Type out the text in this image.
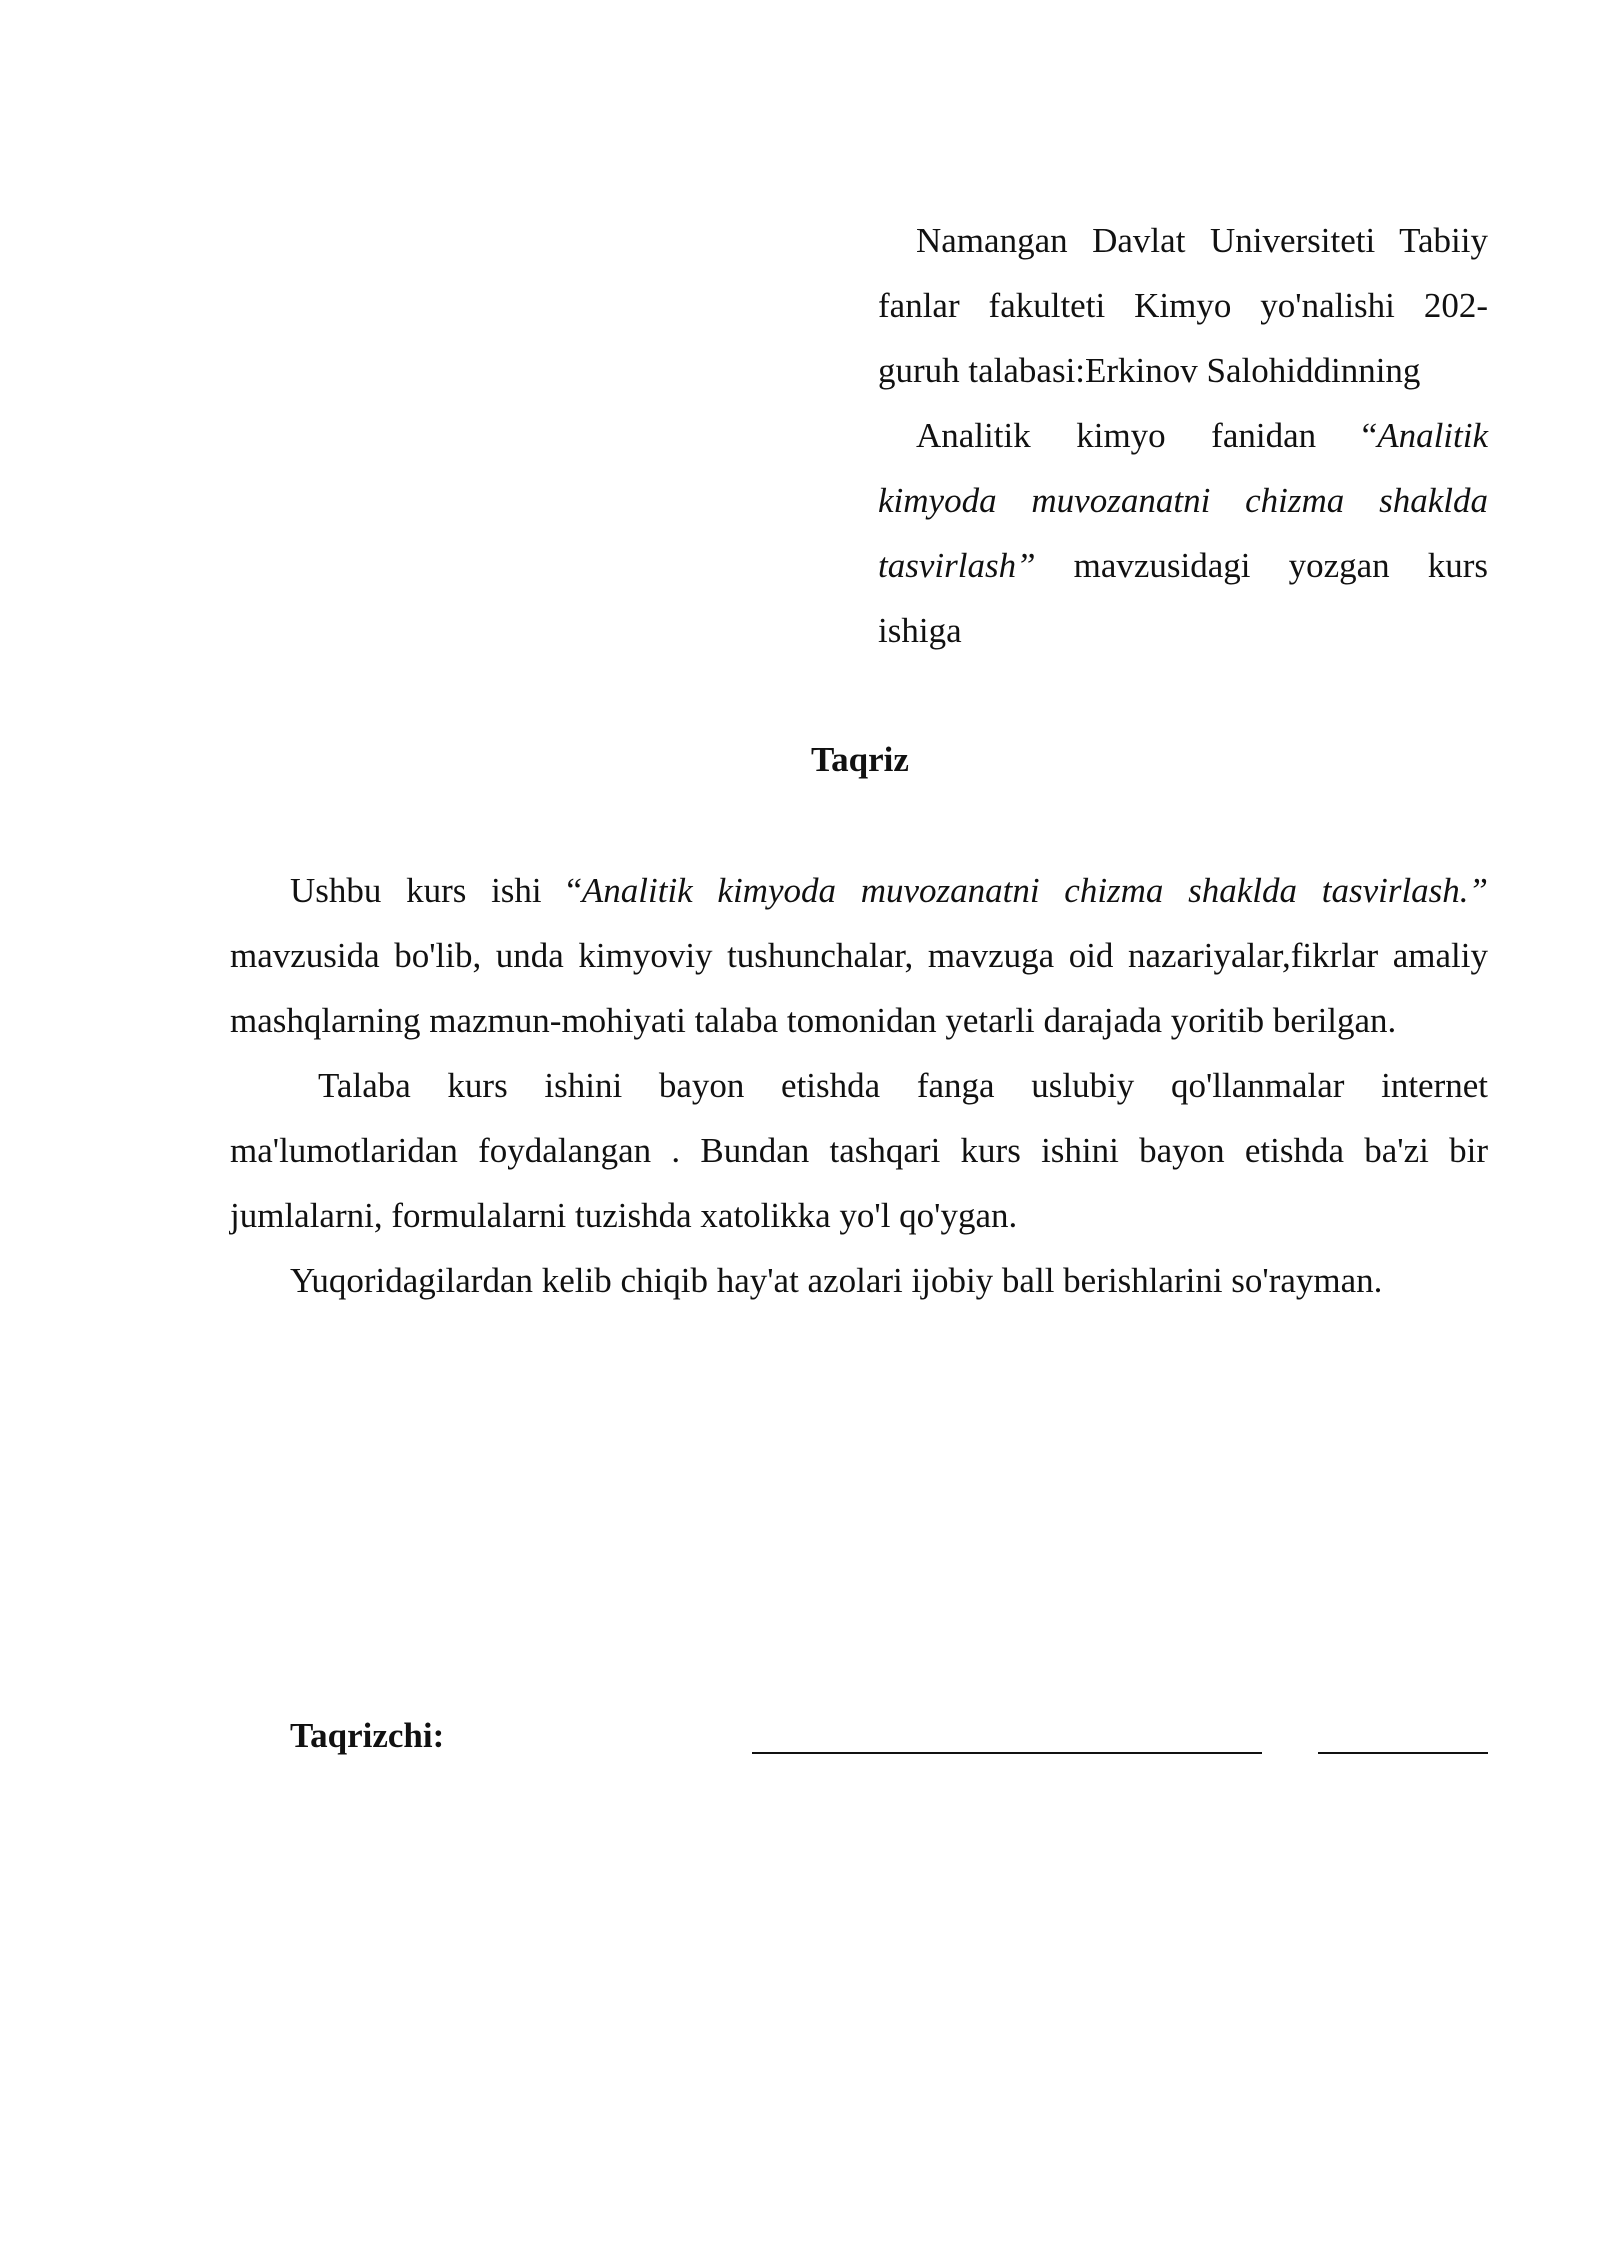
Namangan Davlat Universiteti Tabiiy fanlar fakulteti Kimyo yo'nalishi 202-guruh talabasi:Erkinov Salohiddinning

Analitik kimyo fanidan “Analitik kimyoda muvozanatni chizma shaklda tasvirlash” mavzusidagi yozgan kurs ishiga

Taqriz

Ushbu kurs ishi “Analitik kimyoda muvozanatni chizma shaklda tasvirlash.” mavzusida bo'lib, unda kimyoviy tushunchalar, mavzuga oid nazariyalar,fikrlar amaliy mashqlarning mazmun-mohiyati talaba tomonidan yetarli darajada yoritib berilgan.

Talaba kurs ishini bayon etishda fanga uslubiy qo'llanmalar internet ma'lumotlaridan foydalangan . Bundan tashqari kurs ishini bayon etishda ba'zi bir jumlalarni, formulalarni tuzishda xatolikka yo'l qo'ygan.

Yuqoridagilardan kelib chiqib hay'at azolari ijobiy ball berishlarini so'rayman.

Taqrizchi:
